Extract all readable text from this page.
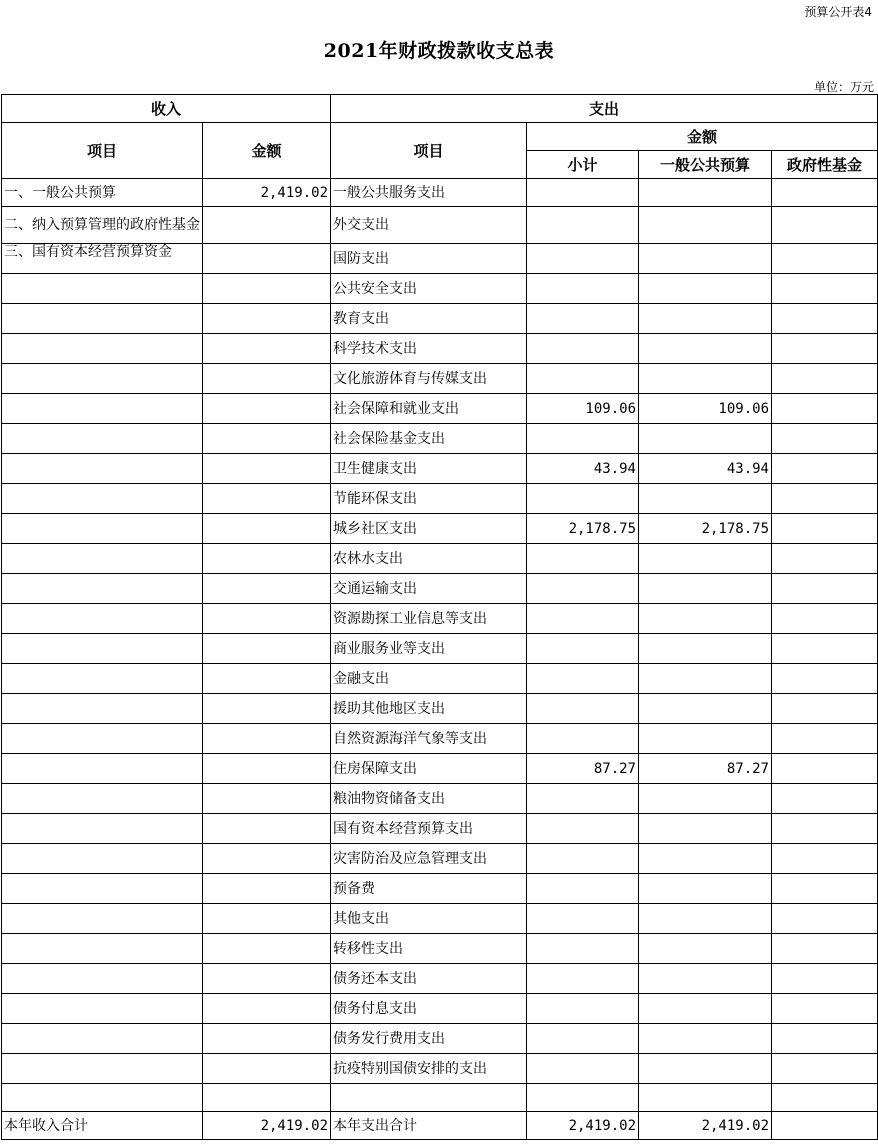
预算公开表4
2021年财政拨款收支总表
单位：万元
收入		支出			
项目	金额	项目	金额		
			小计	一般公共预算	政府性基金
一、一般公共预算	2,419.02	一般公共服务支出			
二、纳入预算管理的政府性基金		外交支出			
三、国有资本经营预算资金		国防支出			
		公共安全支出			
		教育支出			
		科学技术支出			
		文化旅游体育与传媒支出			
		社会保障和就业支出	109.06	109.06	
		社会保险基金支出			
		卫生健康支出	43.94	43.94	
		节能环保支出			
		城乡社区支出	2,178.75	2,178.75	
		农林水支出			
		交通运输支出			
		资源勘探工业信息等支出			
		商业服务业等支出			
		金融支出			
		援助其他地区支出			
		自然资源海洋气象等支出			
		住房保障支出	87.27	87.27	
		粮油物资储备支出			
		国有资本经营预算支出			
		灾害防治及应急管理支出			
		预备费			
		其他支出			
		转移性支出			
		债务还本支出			
		债务付息支出			
		债务发行费用支出			
		抗疫特别国债安排的支出			

本年收入合计	2,419.02	本年支出合计	2,419.02	2,419.02	
